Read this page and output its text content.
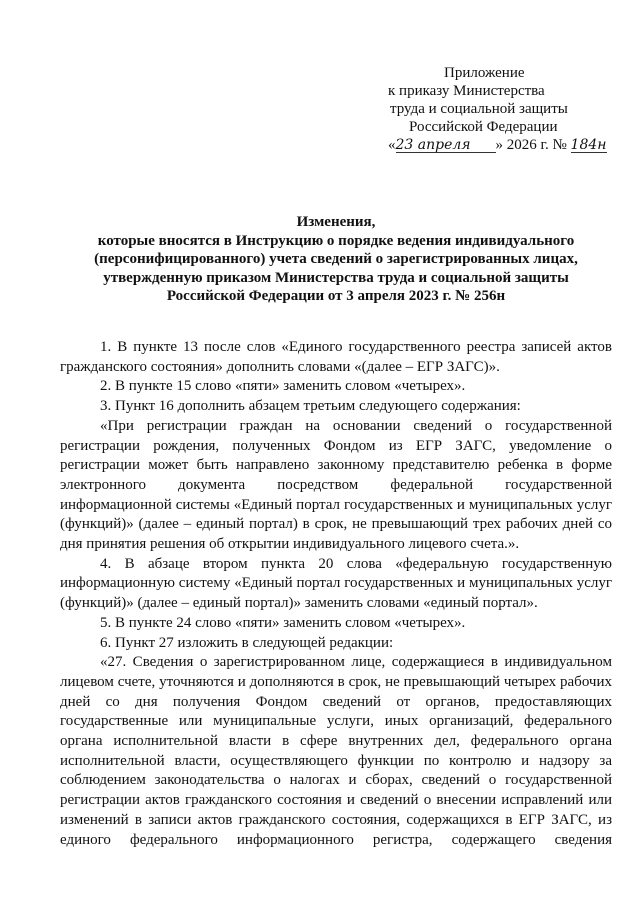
Приложение
к приказу Министерства
труда и социальной защиты
Российской Федерации
«23 апреля » 2026 г. № 184н
Изменения,
которые вносятся в Инструкцию о порядке ведения индивидуального
(персонифицированного) учета сведений о зарегистрированных лицах,
утвержденную приказом Министерства труда и социальной защиты
Российской Федерации от 3 апреля 2023 г. № 256н

1. В пункте 13 после слов «Единого государственного реестра записей актов гражданского состояния» дополнить словами «(далее – ЕГР ЗАГС)».

2. В пункте 15 слово «пяти» заменить словом «четырех».

3. Пункт 16 дополнить абзацем третьим следующего содержания:

«При регистрации граждан на основании сведений о государственной регистрации рождения, полученных Фондом из ЕГР ЗАГС, уведомление о регистрации может быть направлено законному представителю ребенка в форме электронного документа посредством федеральной государственной информационной системы «Единый портал государственных и муниципальных услуг (функций)» (далее – единый портал) в срок, не превышающий трех рабочих дней со дня принятия решения об открытии индивидуального лицевого счета.».

4. В абзаце втором пункта 20 слова «федеральную государственную информационную систему «Единый портал государственных и муниципальных услуг (функций)» (далее – единый портал)» заменить словами «единый портал».

5. В пункте 24 слово «пяти» заменить словом «четырех».

6. Пункт 27 изложить в следующей редакции:

«27. Сведения о зарегистрированном лице, содержащиеся в индивидуальном лицевом счете, уточняются и дополняются в срок, не превышающий четырех рабочих дней со дня получения Фондом сведений от органов, предоставляющих государственные или муниципальные услуги, иных организаций, федерального органа исполнительной власти в сфере внутренних дел, федерального органа исполнительной власти, осуществляющего функции по контролю и надзору за соблюдением законодательства о налогах и сборах, сведений о государственной регистрации актов гражданского состояния и сведений о внесении исправлений или изменений в записи актов гражданского состояния, содержащихся в ЕГР ЗАГС, из единого федерального информационного регистра, содержащего сведения
